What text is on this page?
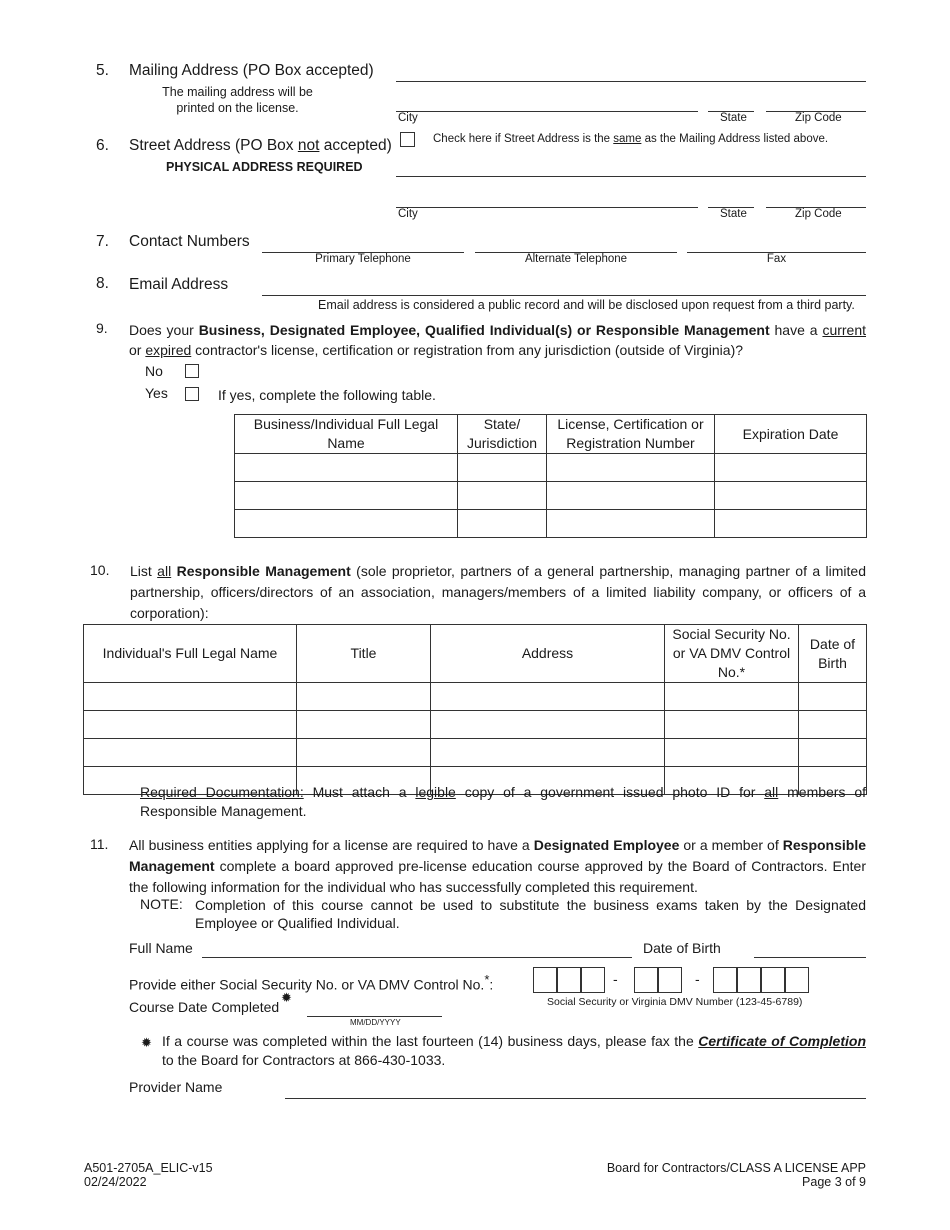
5. Mailing Address (PO Box accepted)
The mailing address will be printed on the license.
City	State	Zip Code
6. Street Address (PO Box not accepted)
PHYSICAL ADDRESS REQUIRED
Check here if Street Address is the same as the Mailing Address listed above.
City	State	Zip Code
7. Contact Numbers
Primary Telephone	Alternate Telephone	Fax
8. Email Address
Email address is considered a public record and will be disclosed upon request from a third party.
9. Does your Business, Designated Employee, Qualified Individual(s) or Responsible Management have a current
or expired contractor's license, certification or registration from any jurisdiction (outside of Virginia)?
No
Yes	If yes, complete the following table.
Business/Individual Full Legal Name	State/ Jurisdiction	License, Certification or Registration Number	Expiration Date

10. List all Responsible Management (sole proprietor, partners of a general partnership, managing partner of a limited partnership, officers/directors of an association, managers/members of a limited liability company, or officers of a corporation):
Individual's Full Legal Name	Title	Address	Social Security No. or VA DMV Control No.*	Date of Birth

Required Documentation: Must attach a legible copy of a government issued photo ID for all members of Responsible Management.
11. All business entities applying for a license are required to have a Designated Employee or a member of Responsible Management complete a board approved pre-license education course approved by the Board of Contractors. Enter the following information for the individual who has successfully completed this requirement.
NOTE: Completion of this course cannot be used to substitute the business exams taken by the Designated Employee or Qualified Individual.
Full Name	Date of Birth
Provide either Social Security No. or VA DMV Control No.*:	-	-
Social Security or Virginia DMV Number (123-45-6789)
Course Date Completed
✹
MM/DD/YYYY
✹ If a course was completed within the last fourteen (14) business days, please fax the Certificate of Completion to the Board for Contractors at 866-430-1033.
Provider Name
A501-2705A_ELIC-v15
02/24/2022
Board for Contractors/CLASS A LICENSE APP
Page 3 of 9
